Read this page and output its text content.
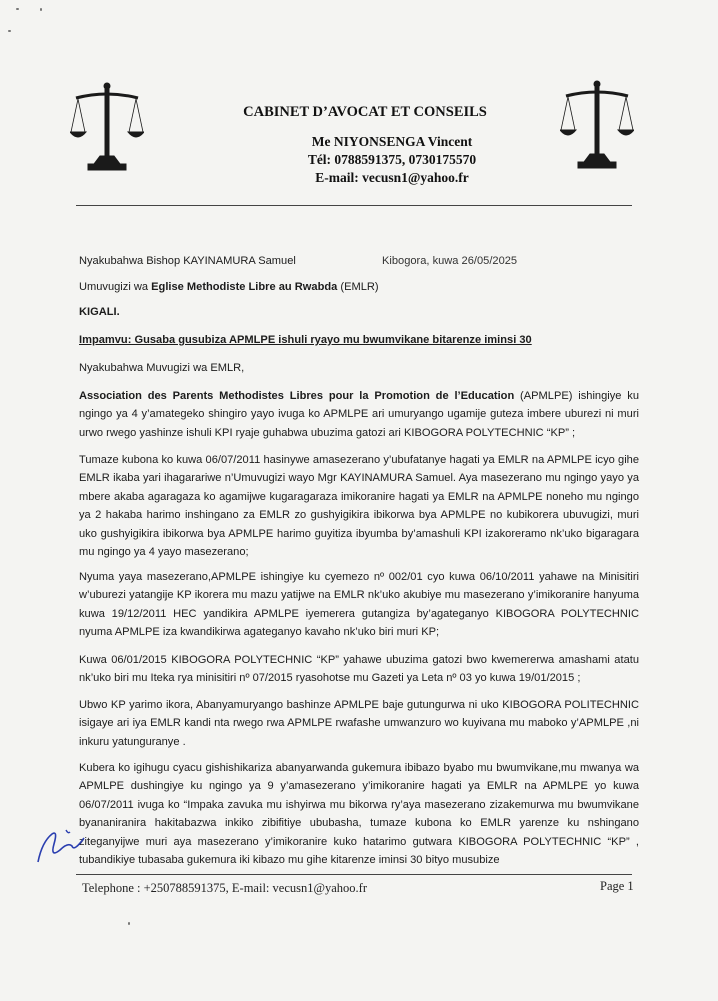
CABINET D’AVOCAT ET CONSEILS
Me NIYONSENGA Vincent
Tél: 0788591375, 0730175570
E-mail: vecusn1@yahoo.fr
Nyakubahwa Bishop KAYINAMURA Samuel	Kibogora, kuwa 26/05/2025
Umuvugizi wa Eglise Methodiste Libre au Rwabda (EMLR)
KIGALI.
Impamvu: Gusaba gusubiza APMLPE ishuli ryayo mu bwumvikane bitarenze iminsi 30
Nyakubahwa Muvugizi wa EMLR,
Association des Parents Methodistes Libres pour la Promotion de l’Education (APMLPE) ishingiye ku ngingo ya 4 y’amategeko shingiro yayo ivuga ko APMLPE ari umuryango ugamije guteza imbere uburezi ni muri urwo rwego yashinze ishuli KPI ryaje guhabwa ubuzima gatozi ari KIBOGORA POLYTECHNIC “KP” ;
Tumaze kubona ko kuwa 06/07/2011 hasinywe amasezerano y’ubufatanye hagati ya EMLR na APMLPE icyo gihe EMLR ikaba yari ihagarariwe n’Umuvugizi wayo Mgr KAYINAMURA Samuel. Aya masezerano mu ngingo yayo ya mbere akaba agaragaza ko agamijwe kugaragaraza imikoranire hagati ya EMLR na APMLPE noneho mu ngingo ya 2 hakaba harimo inshingano za EMLR zo gushyigikira ibikorwa bya APMLPE no kubikorera ubuvugizi, muri uko gushyigikira ibikorwa bya APMLPE harimo guyitiza ibyumba by’amashuli KPI izakoreramo nk’uko bigaragara mu ngingo ya 4 yayo masezerano;
Nyuma yaya masezerano,APMLPE ishingiye ku cyemezo nº 002/01 cyo kuwa 06/10/2011 yahawe na Minisitiri w’uburezi yatangije KP ikorera mu mazu yatijwe na EMLR nk’uko akubiye mu masezerano y’imikoranire hanyuma kuwa 19/12/2011 HEC yandikira APMLPE iyemerera gutangiza by’agateganyo KIBOGORA POLYTECHNIC nyuma APMLPE iza kwandikirwa agateganyo kavaho nk’uko biri muri KP;
Kuwa 06/01/2015 KIBOGORA POLYTECHNIC “KP” yahawe ubuzima gatozi bwo kwemererwa amashami atatu nk’uko biri mu Iteka rya minisitiri nº 07/2015 ryasohotse mu Gazeti ya Leta nº 03 yo kuwa 19/01/2015 ;
Ubwo KP yarimo ikora, Abanyamuryango bashinze APMLPE baje gutungurwa ni uko KIBOGORA POLITECHNIC isigaye ari iya EMLR kandi nta rwego rwa APMLPE rwafashe umwanzuro wo kuyivana mu maboko y’APMLPE ,ni inkuru yatunguranye .
Kubera ko igihugu cyacu gishishikariza abanyarwanda gukemura ibibazo byabo mu bwumvikane,mu mwanya wa APMLPE dushingiye ku ngingo ya 9 y’amasezerano y’imikoranire hagati ya EMLR na APMLPE yo kuwa 06/07/2011 ivuga ko “Impaka zavuka mu ishyirwa mu bikorwa ry’aya masezerano zizakemurwa mu bwumvikane byananiranira hakitabazwa inkiko zibifitiye ububasha, tumaze kubona ko EMLR yarenze ku nshingano ziteganyijwe muri aya masezerano y’imikoranire kuko hatarimo gutwara KIBOGORA POLYTECHNIC “KP” , tubandikiye tubasaba gukemura iki kibazo mu gihe kitarenze iminsi 30 bityo musubize
Telephone : +250788591375, E-mail: vecusn1@yahoo.fr	Page 1
